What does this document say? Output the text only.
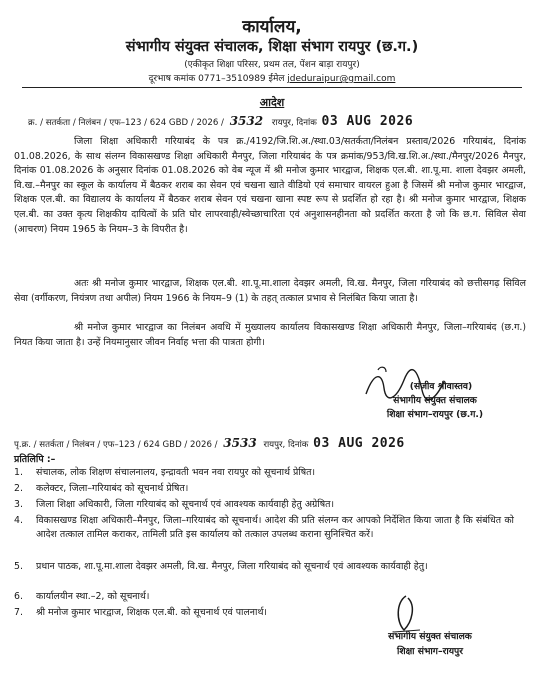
कार्यालय,
संभागीय संयुक्त संचालक, शिक्षा संभाग रायपुर (छ.ग.)
(एकीकृत शिक्षा परिसर, प्रथम तल, पेंशन बाड़ा रायपुर)
दूरभाष कमांक 0771–3510989 ईमेल jdeduraipur@gmail.com
आदेश
क्र. / सतर्कता / निलंबन / एफ–123 / 624 GBD / 2026 / 3532 रायपुर, दिनांक 03 AUG 2026
जिला शिक्षा अधिकारी गरियाबंद के पत्र क्र./4192/जि.शि.अ./स्था.03/सतर्कता/निलंबन प्रस्ताव/2026 गरियाबंद, दिनांक 01.08.2026, के साथ संलग्न विकासखण्ड शिक्षा अधिकारी मैनपुर, जिला गरियाबंद के पत्र क्रमांक/953/वि.ख.शि.अ./स्था./मैनपुर/2026 मैनपुर, दिनांक 01.08.2026 के अनुसार दिनांक 01.08.2026 को वेब न्यूज में श्री मनोज कुमार भारद्वाज, शिक्षक एल.बी. शा.पू.मा. शाला देवझर अमली, वि.ख.–मैनपुर का स्कूल के कार्यालय में बैठकर शराब का सेवन एवं चखना खाते वीडियो एवं समाचार वायरल हुआ है जिसमें श्री मनोज कुमार भारद्वाज, शिक्षक एल.बी. का विद्यालय के कार्यालय में बैठकर शराब सेवन एवं चखना खाना स्पष्ट रूप से प्रदर्शित हो रहा है। श्री मनोज कुमार भारद्वाज, शिक्षक एल.बी. का उक्त कृत्य शिक्षकीय दायित्वों के प्रति घोर लापरवाही/स्वेच्छाचारिता एवं अनुशासनहीनता को प्रदर्शित करता है जो कि छ.ग. सिविल सेवा (आचरण) नियम 1965 के नियम–3 के विपरीत है।
अतः श्री मनोज कुमार भारद्वाज, शिक्षक एल.बी. शा.पू.मा.शाला देवझर अमली, वि.ख. मैनपुर, जिला गरियाबंद को छत्तीसगढ़ सिविल सेवा (वर्गीकरण, नियंत्रण तथा अपील) नियम 1966 के नियम–9 (1) के तहत् तत्काल प्रभाव से निलंबित किया जाता है।
श्री मनोज कुमार भारद्वाज का निलंबन अवधि में मुख्यालय कार्यालय विकासखण्ड शिक्षा अधिकारी मैनपुर, जिला–गरियाबंद (छ.ग.) नियत किया जाता है। उन्हें नियमानुसार जीवन निर्वाह भत्ता की पात्रता होगी।
(संजीव श्रीवास्तव)
संभागीय संयुक्त संचालक
शिक्षा संभाग–रायपुर (छ.ग.)
पृ.क्र. / सतर्कता / निलंबन / एफ–123 / 624 GBD / 2026 / 3533 रायपुर, दिनांक 03 AUG 2026
प्रतिलिपि :–
1.	संचालक, लोक शिक्षण संचालनालय, इन्द्रावती भवन नवा रायपुर को सूचनार्थ प्रेषित।
2.	कलेक्टर, जिला–गरियाबंद को सूचनार्थ प्रेषित।
3.	जिला शिक्षा अधिकारी, जिला गरियाबंद को सूचनार्थ एवं आवश्यक कार्यवाही हेतु अग्रेषित।
4.	विकासखण्ड शिक्षा अधिकारी–मैनपुर, जिला–गरियाबंद को सूचनार्थ। आदेश की प्रति संलग्न कर आपको निर्देशित किया जाता है कि संबंधित को आदेश तत्काल तामिल कराकर, तामिली प्रति इस कार्यालय को तत्काल उपलब्ध कराना सुनिश्चित करें।
5.	प्रधान पाठक, शा.पू.मा.शाला देवझर अमली, वि.ख. मैनपुर, जिला गरियाबंद को सूचनार्थ एवं आवश्यक कार्यवाही हेतु।
6.	कार्यालयीन स्था.–2, को सूचनार्थ।
7.	श्री मनोज कुमार भारद्वाज, शिक्षक एल.बी. को सूचनार्थ एवं पालनार्थ।
संभागीय संयुक्त संचालक
शिक्षा संभाग–रायपुर
